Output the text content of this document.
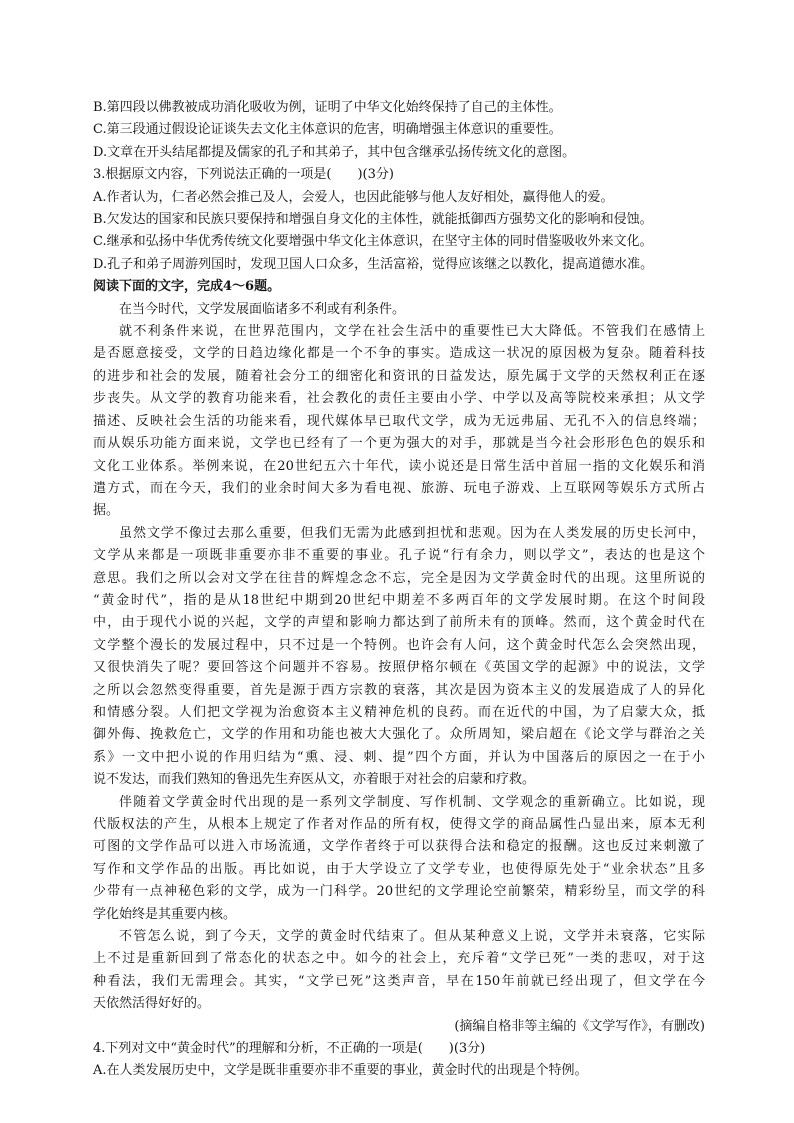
B.第四段以佛教被成功消化吸收为例，证明了中华文化始终保持了自己的主体性。
C.第三段通过假设论证谈失去文化主体意识的危害，明确增强主体意识的重要性。
D.文章在开头结尾都提及儒家的孔子和其弟子，其中包含继承弘扬传统文化的意图。
3.根据原文内容，下列说法正确的一项是(　　)(3分)
A.作者认为，仁者必然会推己及人，会爱人，也因此能够与他人友好相处，赢得他人的爱。
B.欠发达的国家和民族只要保持和增强自身文化的主体性，就能抵御西方强势文化的影响和侵蚀。
C.继承和弘扬中华优秀传统文化要增强中华文化主体意识，在坚守主体的同时借鉴吸收外来文化。
D.孔子和弟子周游列国时，发现卫国人口众多，生活富裕，觉得应该继之以教化，提高道德水准。
阅读下面的文字，完成4～6题。
在当今时代，文学发展面临诸多不利或有利条件。
就不利条件来说，在世界范围内，文学在社会生活中的重要性已大大降低。不管我们在感情上
是否愿意接受，文学的日趋边缘化都是一个不争的事实。造成这一状况的原因极为复杂。随着科技
的进步和社会的发展，随着社会分工的细密化和资讯的日益发达，原先属于文学的天然权利正在逐
步丧失。从文学的教育功能来看，社会教化的责任主要由小学、中学以及高等院校来承担；从文学
描述、反映社会生活的功能来看，现代媒体早已取代文学，成为无远弗届、无孔不入的信息终端；
而从娱乐功能方面来说，文学也已经有了一个更为强大的对手，那就是当今社会形形色色的娱乐和
文化工业体系。举例来说，在20世纪五六十年代，读小说还是日常生活中首屈一指的文化娱乐和消
遣方式，而在今天，我们的业余时间大多为看电视、旅游、玩电子游戏、上互联网等娱乐方式所占
据。
虽然文学不像过去那么重要，但我们无需为此感到担忧和悲观。因为在人类发展的历史长河中，
文学从来都是一项既非重要亦非不重要的事业。孔子说“行有余力，则以学文”，表达的也是这个
意思。我们之所以会对文学在往昔的辉煌念念不忘，完全是因为文学黄金时代的出现。这里所说的
“黄金时代”，指的是从18世纪中期到20世纪中期差不多两百年的文学发展时期。在这个时间段
中，由于现代小说的兴起，文学的声望和影响力都达到了前所未有的顶峰。然而，这个黄金时代在
文学整个漫长的发展过程中，只不过是一个特例。也许会有人问，这个黄金时代怎么会突然出现，
又很快消失了呢？要回答这个问题并不容易。按照伊格尔顿在《英国文学的起源》中的说法，文学
之所以会忽然变得重要，首先是源于西方宗教的衰落，其次是因为资本主义的发展造成了人的异化
和情感分裂。人们把文学视为治愈资本主义精神危机的良药。而在近代的中国，为了启蒙大众，抵
御外侮、挽救危亡，文学的作用和功能也被大大强化了。众所周知，梁启超在《论文学与群治之关
系》一文中把小说的作用归结为“熏、浸、刺、提”四个方面，并认为中国落后的原因之一在于小
说不发达，而我们熟知的鲁迅先生弃医从文，亦着眼于对社会的启蒙和疗救。
伴随着文学黄金时代出现的是一系列文学制度、写作机制、文学观念的重新确立。比如说，现
代版权法的产生，从根本上规定了作者对作品的所有权，使得文学的商品属性凸显出来，原本无利
可图的文学作品可以进入市场流通，文学作者终于可以获得合法和稳定的报酬。这也反过来刺激了
写作和文学作品的出版。再比如说，由于大学设立了文学专业，也使得原先处于“业余状态”且多
少带有一点神秘色彩的文学，成为一门科学。20世纪的文学理论空前繁荣，精彩纷呈，而文学的科
学化始终是其重要内核。
不管怎么说，到了今天，文学的黄金时代结束了。但从某种意义上说，文学并未衰落，它实际
上不过是重新回到了常态化的状态之中。如今的社会上，充斥着“文学已死”一类的悲叹，对于这
种看法，我们无需理会。其实，“文学已死”这类声音，早在150年前就已经出现了，但文学在今
天依然活得好好的。
(摘编自格非等主编的《文学写作》，有删改)
4.下列对文中“黄金时代”的理解和分析，不正确的一项是(　　)(3分)
A.在人类发展历史中，文学是既非重要亦非不重要的事业，黄金时代的出现是个特例。
